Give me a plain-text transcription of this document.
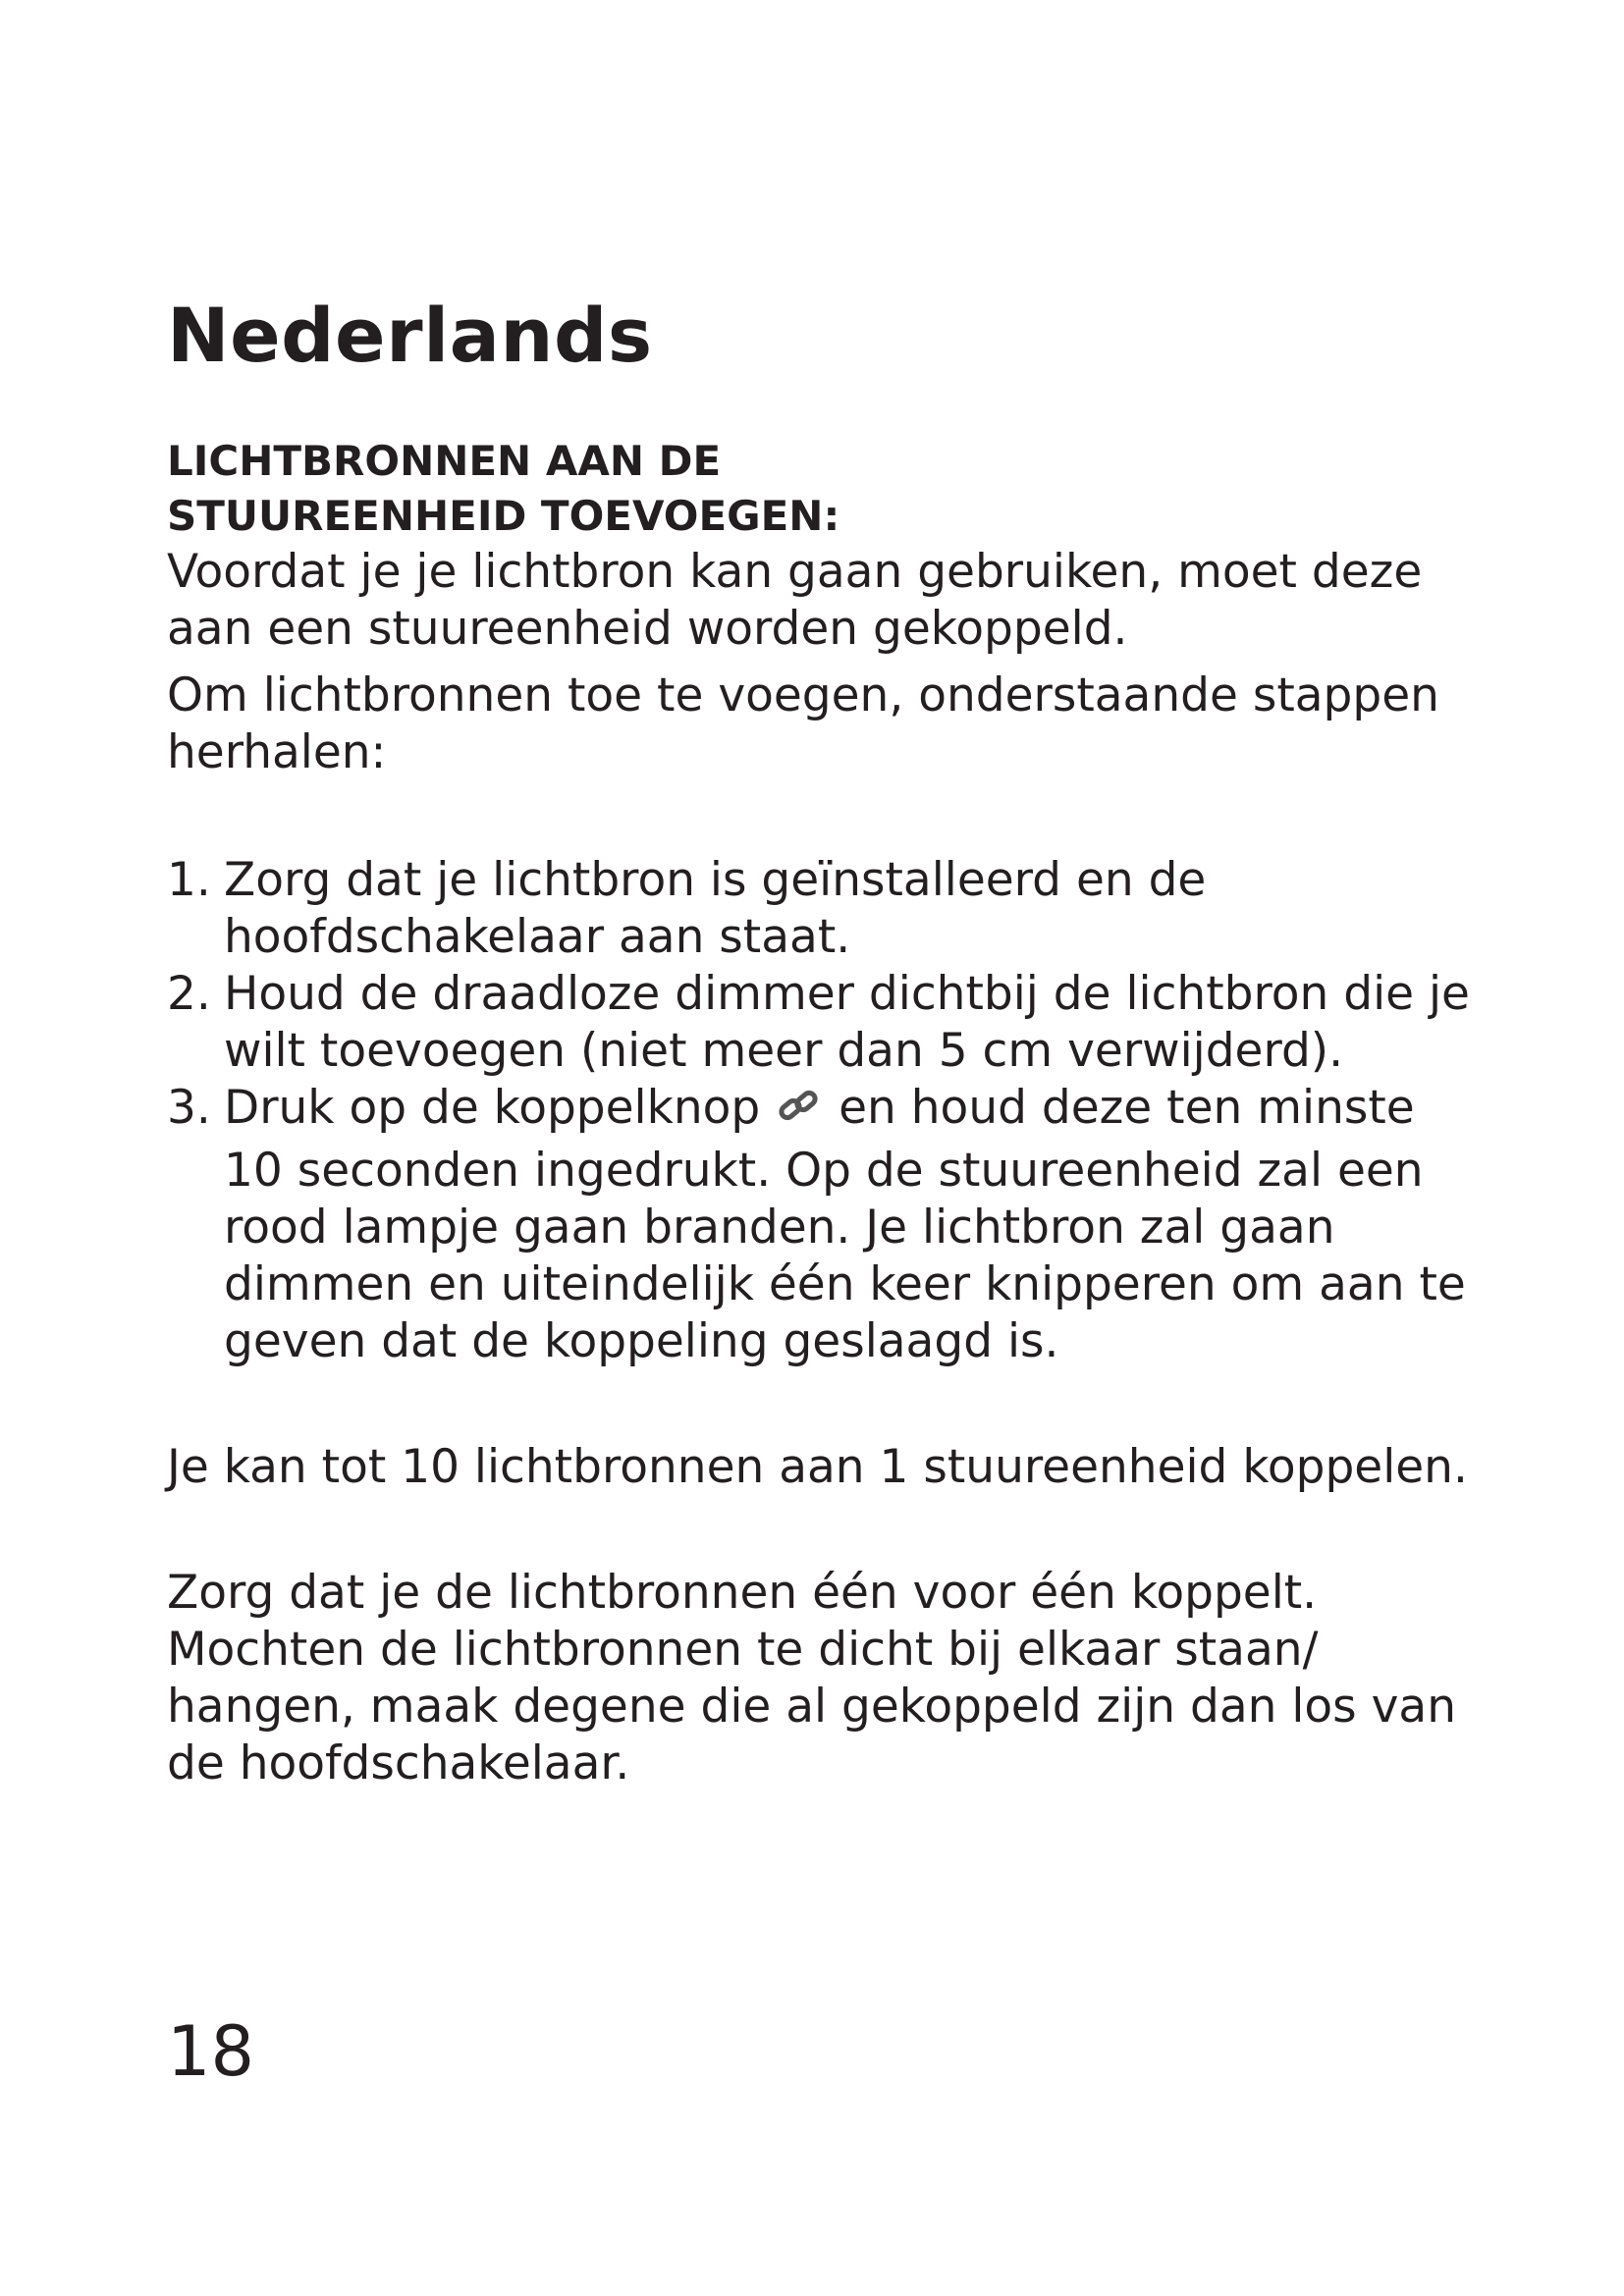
Nederlands
LICHTBRONNEN AAN DE
STUUREENHEID TOEVOEGEN:

Voordat je je lichtbron kan gaan gebruiken, moet deze aan een stuureenheid worden gekoppeld.

Om lichtbronnen toe te voegen, onderstaande stappen herhalen:

1. Zorg dat je lichtbron is geïnstalleerd en de hoofdschakelaar aan staat.
2. Houd de draadloze dimmer dichtbij de lichtbron die je wilt toevoegen (niet meer dan 5 cm verwijderd).
3. Druk op de koppelknop en houd deze ten minste 10 seconden ingedrukt. Op de stuureenheid zal een rood lampje gaan branden. Je lichtbron zal gaan dimmen en uiteindelijk één keer knipperen om aan te geven dat de koppeling geslaagd is.

Je kan tot 10 lichtbronnen aan 1 stuureenheid koppelen.

Zorg dat je de lichtbronnen één voor één koppelt. Mochten de lichtbronnen te dicht bij elkaar staan/ hangen, maak degene die al gekoppeld zijn dan los van de hoofdschakelaar.

18
